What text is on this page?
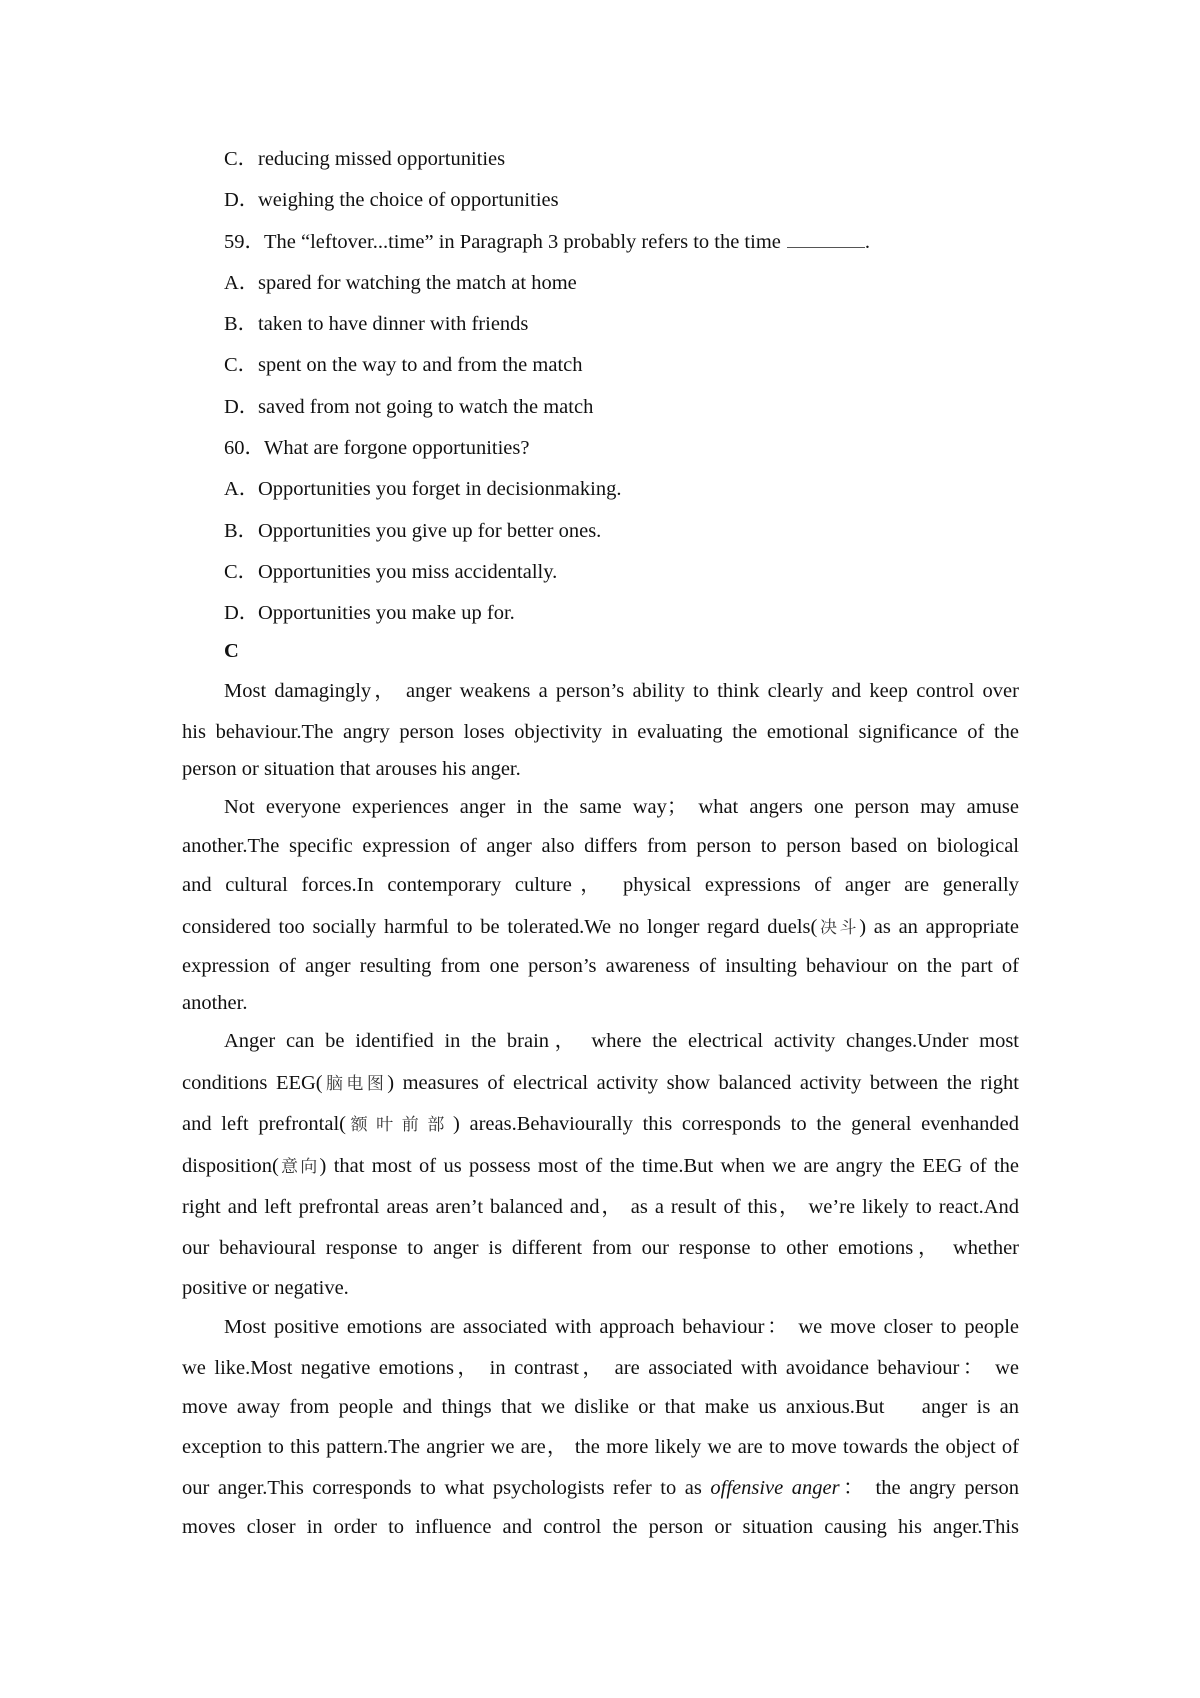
C．reducing missed opportunities
D．weighing the choice of opportunities
59．The “leftover...time” in Paragraph 3 probably refers to the time	.
A．spared for watching the match at home
B．taken to have dinner with friends
C．spent on the way to and from the match
D．saved from not going to watch the match
60．What are forgone opportunities?
A．Opportunities you forget in decisionmaking.
B．Opportunities you give up for better ones.
C．Opportunities you miss accidentally.
D．Opportunities you make up for.
C
Most damagingly， anger weakens a person’s ability to think clearly and keep control over
his behaviour.The angry person loses objectivity in evaluating the emotional significance of the
person or situation that arouses his anger.
Not everyone experiences anger in the same way； what angers one person may amuse
another.The specific expression of anger also differs from person to person based on biological
and cultural forces.In contemporary culture， physical expressions of anger are generally
considered too socially harmful to be tolerated.We no longer regard duels(决斗) as an appropriate
expression of anger resulting from one person’s awareness of insulting behaviour on the part of
another.
Anger can be identified in the brain， where the electrical activity changes.Under most
conditions EEG(脑电图) measures of electrical activity show balanced activity between the right
and left prefrontal(额叶前部) areas.Behaviourally this corresponds to the general evenhanded
disposition(意向) that most of us possess most of the time.But when we are angry the EEG of the
right and left prefrontal areas aren’t balanced and， as a result of this， we’re likely to react.And
our behavioural response to anger is different from our response to other emotions， whether
positive or negative.
Most positive emotions are associated with approach behaviour： we move closer to people
we like.Most negative emotions， in contrast， are associated with avoidance behaviour： we
move away from people and things that we dislike or that make us anxious.But    anger is an
exception to this pattern.The angrier we are， the more likely we are to move towards the object of
our anger.This corresponds to what psychologists refer to as offensive anger： the angry person
moves closer in order to influence and control the person or situation causing his anger.This
